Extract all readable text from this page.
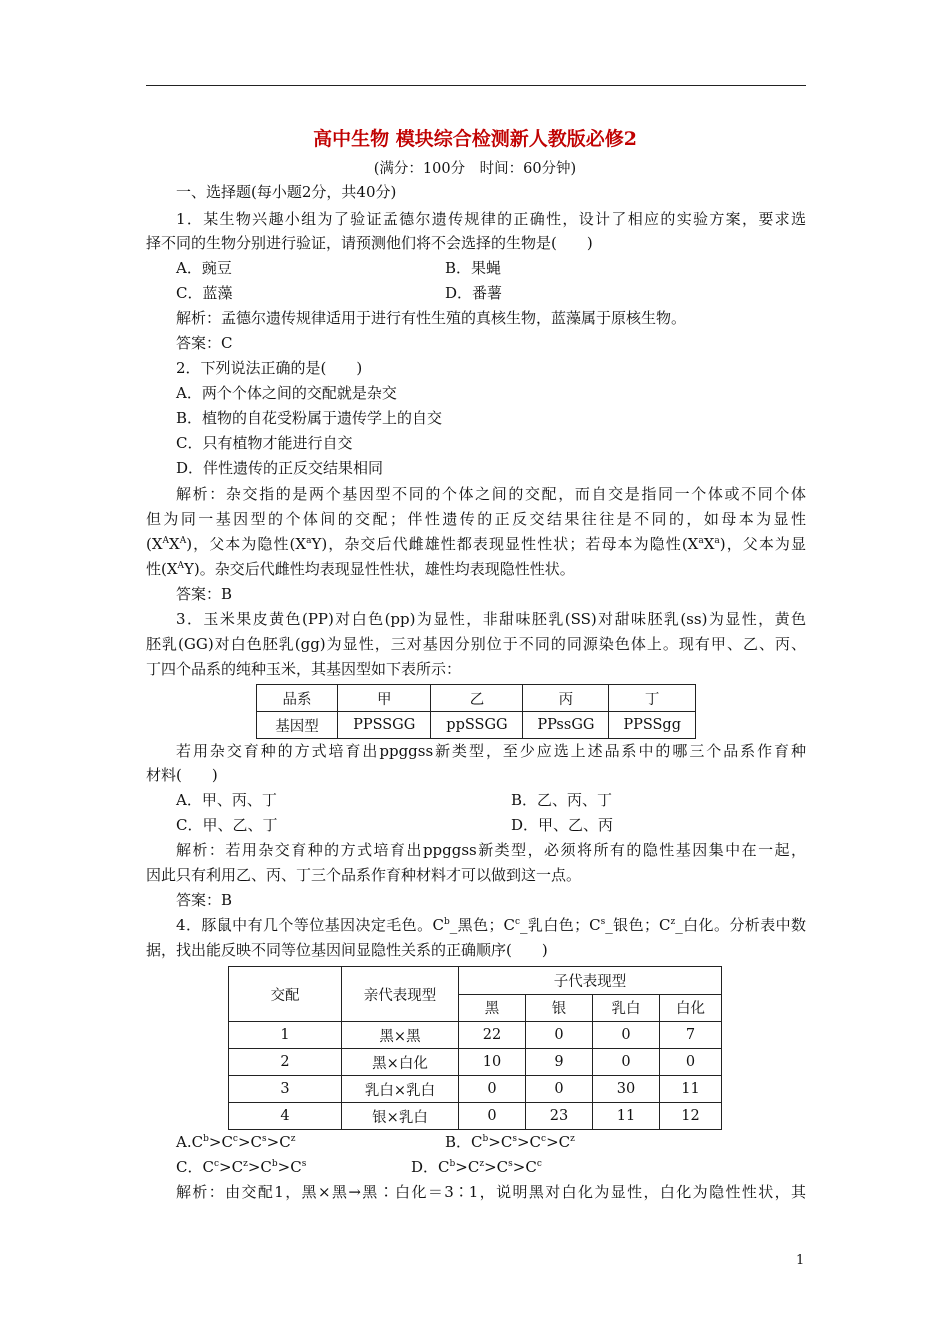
高中生物 模块综合检测新人教版必修2
(满分：100分　时间：60分钟)
一、选择题(每小题2分，共40分)
1．某生物兴趣小组为了验证孟德尔遗传规律的正确性，设计了相应的实验方案，要求选
择不同的生物分别进行验证，请预测他们将不会选择的生物是(　　)
A．豌豆	B．果蝇
C．蓝藻	D．番薯
解析：孟德尔遗传规律适用于进行有性生殖的真核生物，蓝藻属于原核生物。
答案：C
2．下列说法正确的是(　　)
A．两个个体之间的交配就是杂交
B．植物的自花受粉属于遗传学上的自交
C．只有植物才能进行自交
D．伴性遗传的正反交结果相同
解析：杂交指的是两个基因型不同的个体之间的交配，而自交是指同一个体或不同个体
但为同一基因型的个体间的交配；伴性遗传的正反交结果往往是不同的，如母本为显性
$(X^AX^A)$，父本为隐性$(X^aY)$，杂交后代雌雄性都表现显性性状；若母本为隐性$(X^aX^a)$，父本为显
性$(X^AY)$。杂交后代雌性均表现显性性状，雄性均表现隐性性状。
答案：B
3．玉米果皮黄色(PP)对白色(pp)为显性，非甜味胚乳(SS)对甜味胚乳(ss)为显性，黄色
胚乳(GG)对白色胚乳(gg)为显性，三对基因分别位于不同的同源染色体上。现有甲、乙、丙、
丁四个品系的纯种玉米，其基因型如下表所示：
品系	甲	乙	丙	丁
基因型	PPSSGG	ppSSGG	PPssGG	PPSSgg
若用杂交育种的方式培育出ppggss新类型，至少应选上述品系中的哪三个品系作育种
材料(　　)
A．甲、丙、丁	B．乙、丙、丁
C．甲、乙、丁	D．甲、乙、丙
解析：若用杂交育种的方式培育出ppggss新类型，必须将所有的隐性基因集中在一起，
因此只有利用乙、丙、丁三个品系作育种材料才可以做到这一点。
答案：B
4．豚鼠中有几个等位基因决定毛色。$C^b\_$黑色；$C^c\_$乳白色；$C^s\_$银色；$C^z\_$白化。分析表中数
据，找出能反映不同等位基因间显隐性关系的正确顺序(　　)
交配	亲代表现型	子代表现型			
		黑	银	乳白	白化
1	黑×黑	22	0	0	7
2	黑×白化	10	9	0	0
3	乳白×乳白	0	0	30	11
4	银×乳白	0	23	11	12
$A.C^b>C^c>C^s>C^z$	B．$C^b>C^s>C^c>C^z$
C．$C^c>C^z>C^b>C^s$	D．$C^b>C^z>C^s>C^c$
解析：由交配1，黑×黑→黑∶白化＝3∶1，说明黑对白化为显性，白化为隐性性状，其
1
